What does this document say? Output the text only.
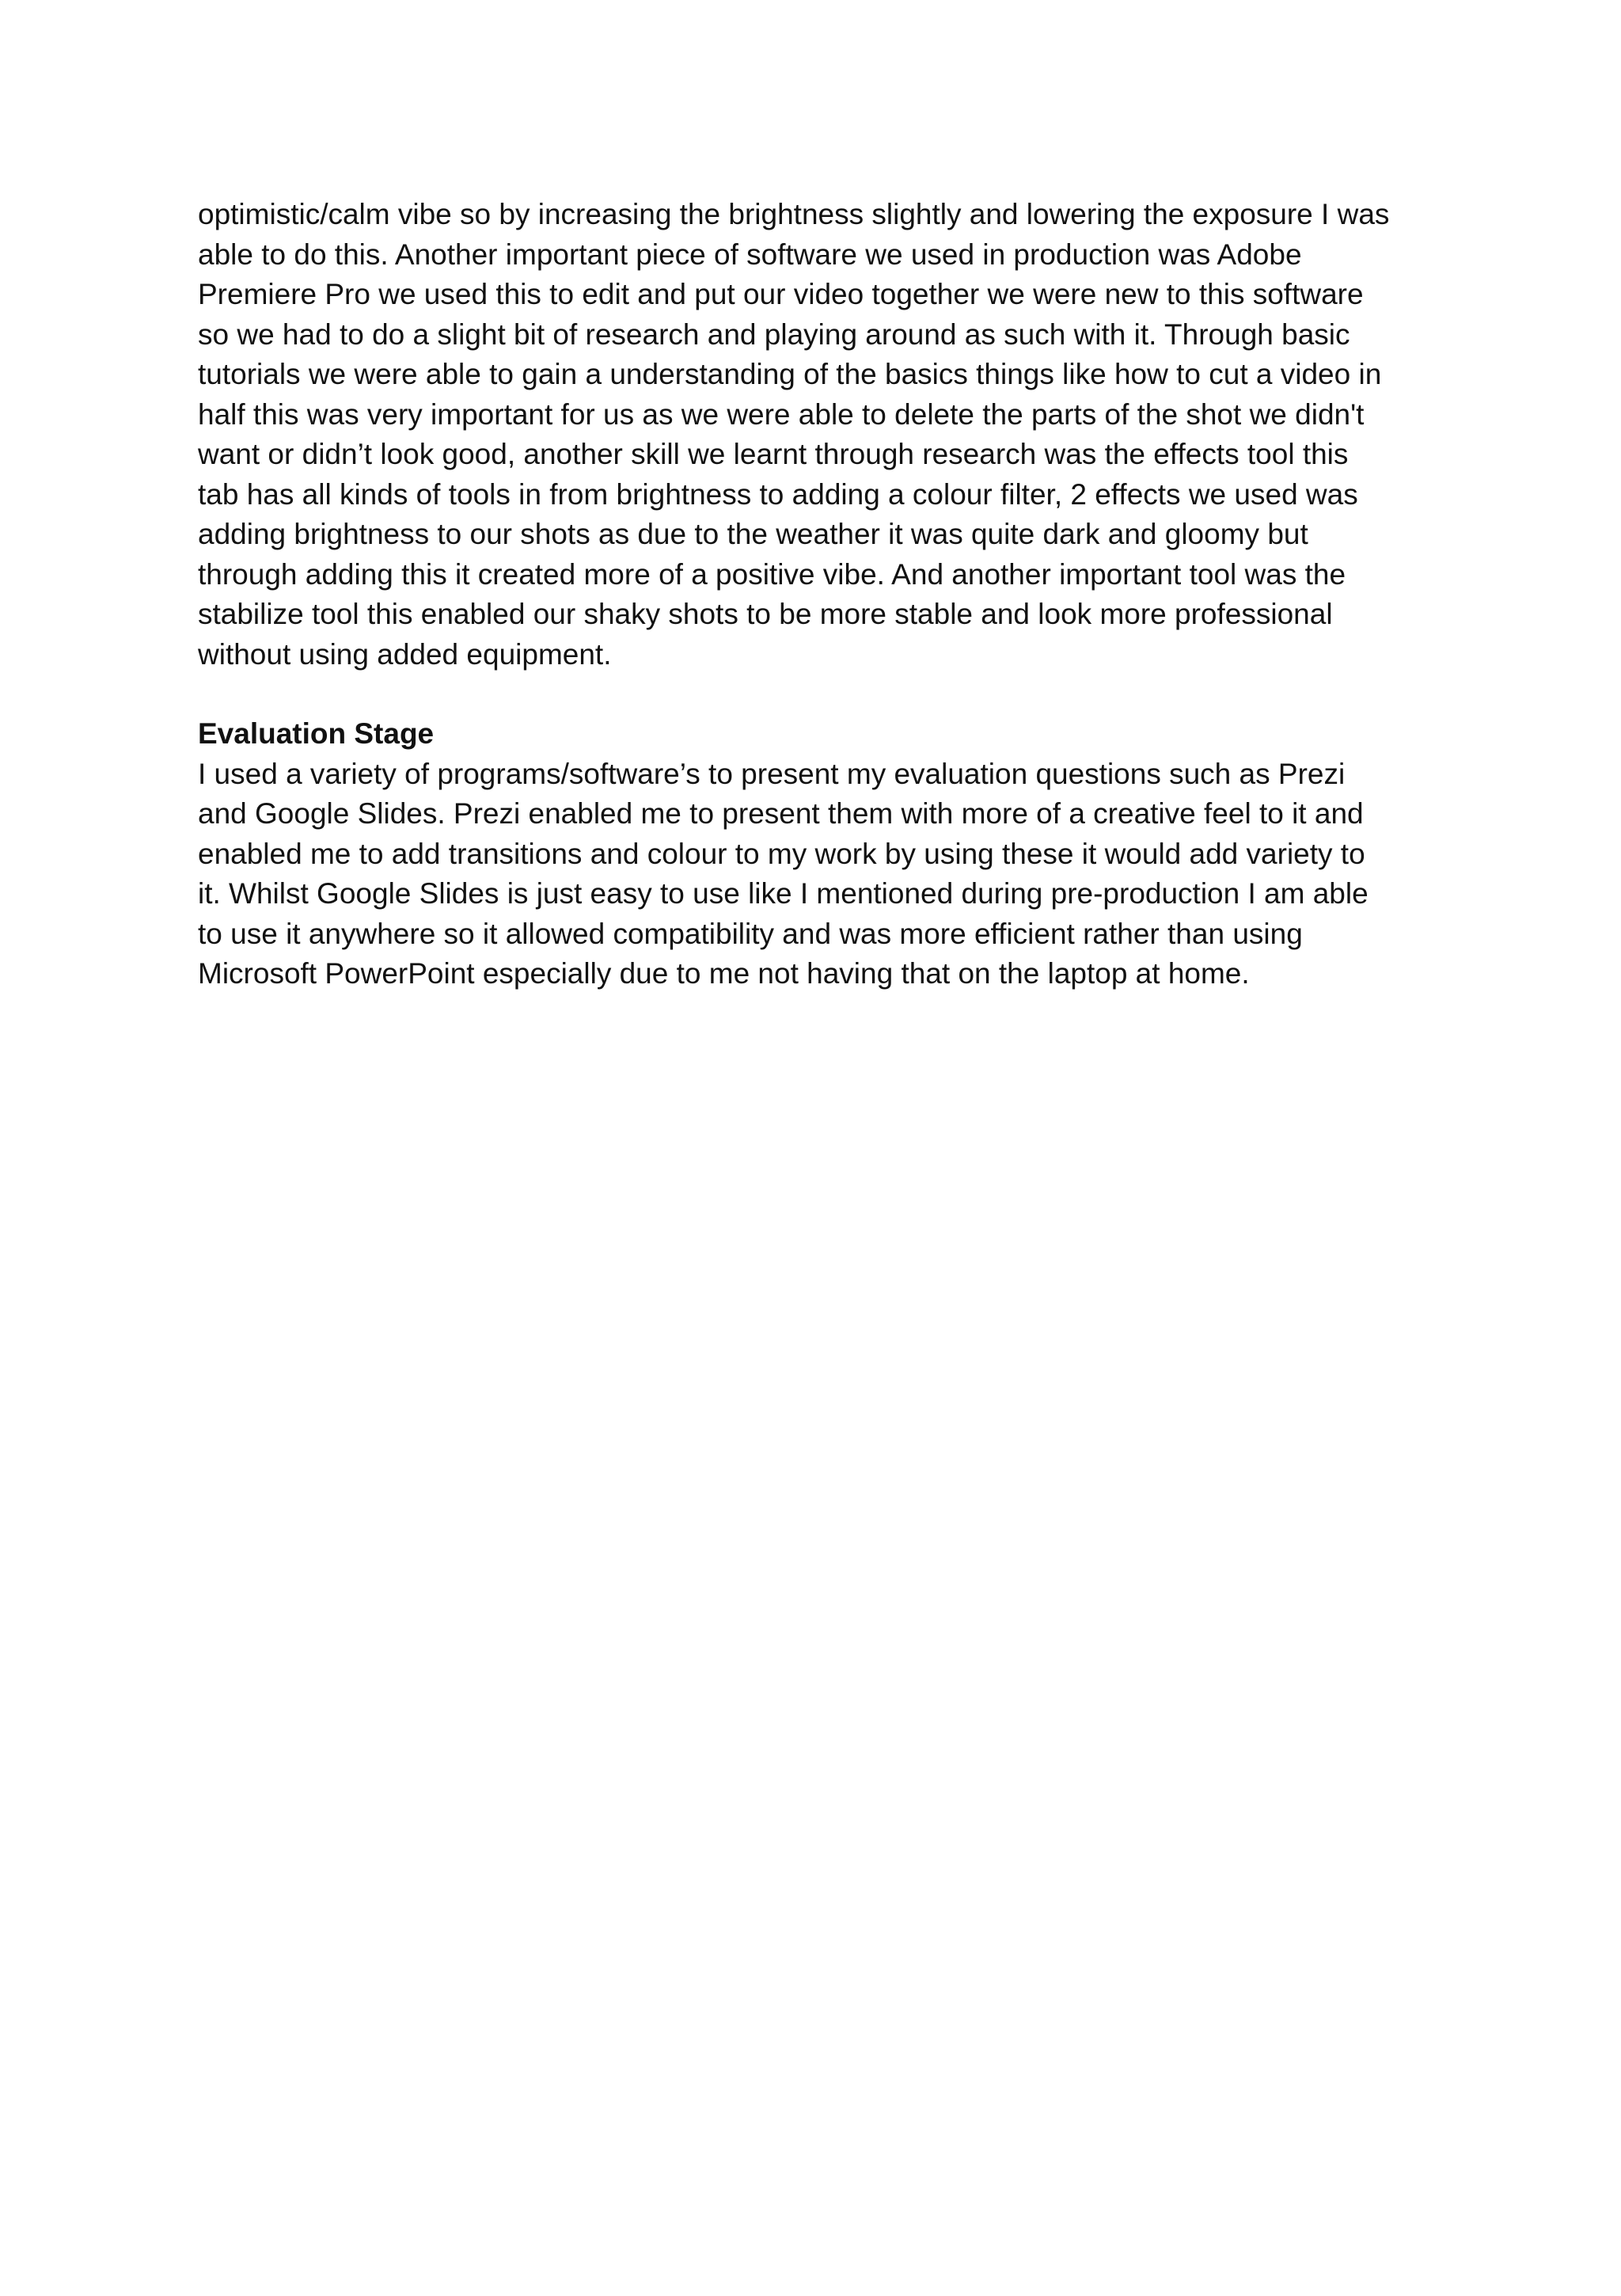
optimistic/calm vibe so by increasing the brightness slightly and lowering the exposure I was
able to do this. Another important piece of software we used in production was Adobe
Premiere Pro we used this to edit and put our video together we were new to this software
so we had to do a slight bit of research and playing around as such with it. Through basic
tutorials we were able to gain a understanding of the basics things like how to cut a video in
half this was very important for us as we were able to delete the parts of the shot we didn't
want or didn’t look good, another skill we learnt through research was the effects tool this
tab has all kinds of tools in from brightness to adding a colour filter, 2 effects we used was
adding brightness to our shots as due to the weather it was quite dark and gloomy but
through adding this it created more of a positive vibe. And another important tool was the
stabilize tool this enabled our shaky shots to be more stable and look more professional
without using added equipment.
Evaluation Stage
I used a variety of programs/software’s to present my evaluation questions such as Prezi
and Google Slides. Prezi enabled me to present them with more of a creative feel to it and
enabled me to add transitions and colour to my work by using these it would add variety to
it. Whilst Google Slides is just easy to use like I mentioned during pre-production I am able
to use it anywhere so it allowed compatibility and was more efficient rather than using
Microsoft PowerPoint especially due to me not having that on the laptop at home.
